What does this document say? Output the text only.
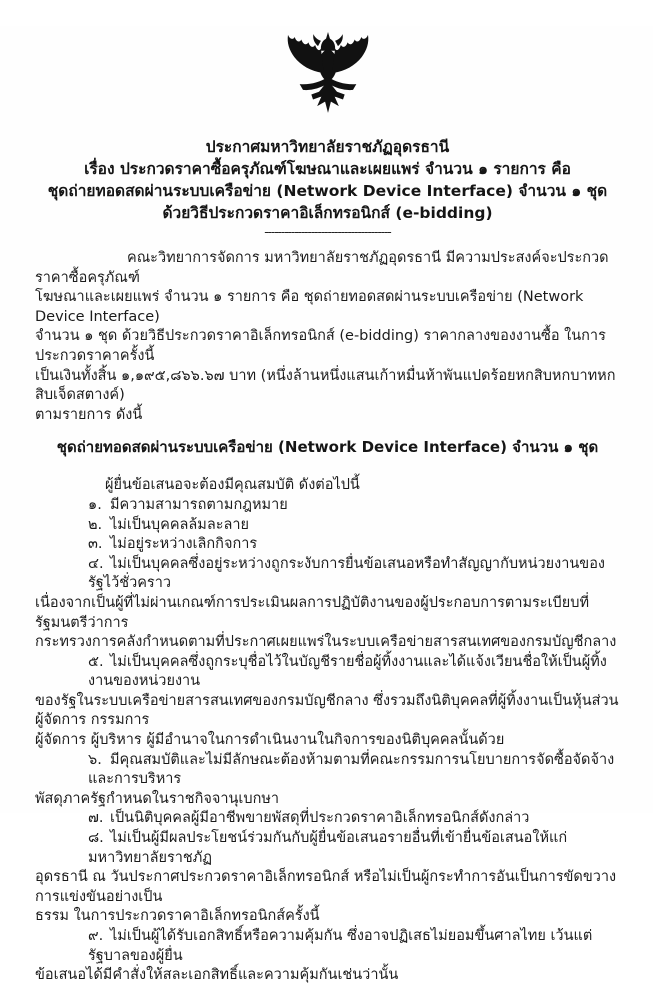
ประกาศมหาวิทยาลัยราชภัฏอุดรธานี
เรื่อง ประกวดราคาซื้อครุภัณฑ์โฆษณาและเผยแพร่ จำนวน ๑ รายการ คือ
ชุดถ่ายทอดสดผ่านระบบเครือข่าย (Network Device Interface) จำนวน ๑ ชุด
ด้วยวิธีประกวดราคาอิเล็กทรอนิกส์ (e-bidding)
--------------------------------------
คณะวิทยาการจัดการ มหาวิทยาลัยราชภัฏอุดรธานี มีความประสงค์จะประกวดราคาซื้อครุภัณฑ์
โฆษณาและเผยแพร่ จำนวน ๑ รายการ คือ ชุดถ่ายทอดสดผ่านระบบเครือข่าย (Network Device Interface)
จำนวน ๑ ชุด ด้วยวิธีประกวดราคาอิเล็กทรอนิกส์ (e-bidding) ราคากลางของงานซื้อ ในการประกวดราคาครั้งนี้
เป็นเงินทั้งสิ้น ๑,๑๙๕,๘๖๖.๖๗ บาท (หนึ่งล้านหนึ่งแสนเก้าหมื่นห้าพันแปดร้อยหกสิบหกบาทหกสิบเจ็ดสตางค์)
ตามรายการ ดังนี้
ชุดถ่ายทอดสดผ่านระบบเครือข่าย (Network Device Interface) จำนวน ๑ ชุด
ผู้ยื่นข้อเสนอจะต้องมีคุณสมบัติ ดังต่อไปนี้
๑. มีความสามารถตามกฎหมาย
๒. ไม่เป็นบุคคลล้มละลาย
๓. ไม่อยู่ระหว่างเลิกกิจการ
๔. ไม่เป็นบุคคลซึ่งอยู่ระหว่างถูกระงับการยื่นข้อเสนอหรือทำสัญญากับหน่วยงานของรัฐไว้ชั่วคราว
เนื่องจากเป็นผู้ที่ไม่ผ่านเกณฑ์การประเมินผลการปฏิบัติงานของผู้ประกอบการตามระเบียบที่รัฐมนตรีว่าการ
กระทรวงการคลังกำหนดตามที่ประกาศเผยแพร่ในระบบเครือข่ายสารสนเทศของกรมบัญชีกลาง
๕. ไม่เป็นบุคคลซึ่งถูกระบุชื่อไว้ในบัญชีรายชื่อผู้ทิ้งงานและได้แจ้งเวียนชื่อให้เป็นผู้ทิ้งงานของหน่วยงาน
ของรัฐในระบบเครือข่ายสารสนเทศของกรมบัญชีกลาง ซึ่งรวมถึงนิติบุคคลที่ผู้ทิ้งงานเป็นหุ้นส่วนผู้จัดการ กรรมการ
ผู้จัดการ ผู้บริหาร ผู้มีอำนาจในการดำเนินงานในกิจการของนิติบุคคลนั้นด้วย
๖. มีคุณสมบัติและไม่มีลักษณะต้องห้ามตามที่คณะกรรมการนโยบายการจัดซื้อจัดจ้างและการบริหาร
พัสดุภาครัฐกำหนดในราชกิจจานุเบกษา
๗. เป็นนิติบุคคลผู้มีอาชีพขายพัสดุที่ประกวดราคาอิเล็กทรอนิกส์ดังกล่าว
๘. ไม่เป็นผู้มีผลประโยชน์ร่วมกันกับผู้ยื่นข้อเสนอรายอื่นที่เข้ายื่นข้อเสนอให้แก่มหาวิทยาลัยราชภัฏ
อุดรธานี ณ วันประกาศประกวดราคาอิเล็กทรอนิกส์ หรือไม่เป็นผู้กระทำการอันเป็นการขัดขวางการแข่งขันอย่างเป็น
ธรรม ในการประกวดราคาอิเล็กทรอนิกส์ครั้งนี้
๙. ไม่เป็นผู้ได้รับเอกสิทธิ์หรือความคุ้มกัน ซึ่งอาจปฏิเสธไม่ยอมขึ้นศาลไทย เว้นแต่รัฐบาลของผู้ยื่น
ข้อเสนอได้มีคำสั่งให้สละเอกสิทธิ์และความคุ้มกันเช่นว่านั้น
